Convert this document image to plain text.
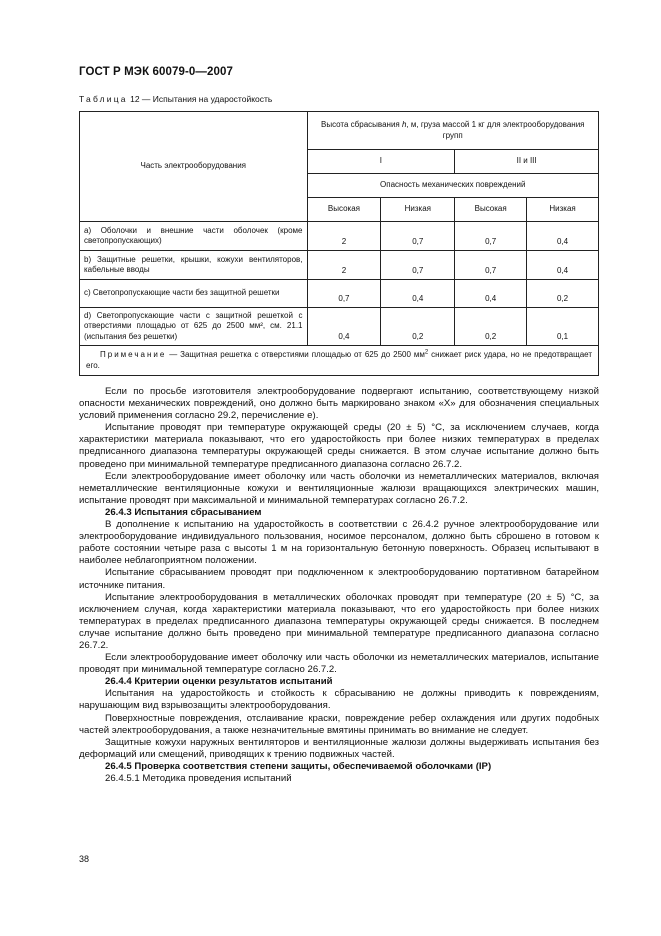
ГОСТ Р МЭК 60079-0—2007
Таблица 12 — Испытания на ударостойкость
Часть электрооборудования	Высота сбрасывания h, м, груза массой 1 кг для электрооборудования групп			
	I		II и III	
	Опасность механических повреждений			
	Высокая	Низкая	Высокая	Низкая
а) Оболочки и внешние части оболочек (кроме светопропускающих)	2	0,7	0,7	0,4
b) Защитные решетки, крышки, кожухи вентиляторов, кабельные вводы	2	0,7	0,7	0,4
c) Светопропускающие части без защитной решетки	0,7	0,4	0,4	0,2
d) Светопропускающие части с защитной решеткой с отверстиями площадью от 625 до 2500 мм², см. 21.1 (испытания без решетки)	0,4	0,2	0,2	0,1
Примечание — Защитная решетка с отверстиями площадью от 625 до 2500 $мм^2$ снижает риск удара, но не предотвращает его.				

Если по просьбе изготовителя электрооборудование подвергают испытанию, соответствующему низкой опасности механических повреждений, оно должно быть маркировано знаком «X» для обозначения специальных условий применения согласно 29.2, перечисление е).

Испытание проводят при температуре окружающей среды (20 ± 5) °C, за исключением случаев, когда характеристики материала показывают, что его ударостойкость при более низких температурах в пределах предписанного диапазона температуры окружающей среды снижается. В этом случае испытание должно быть проведено при минимальной температуре предписанного диапазона согласно 26.7.2.

Если электрооборудование имеет оболочку или часть оболочки из неметаллических материалов, включая неметаллические вентиляционные кожухи и вентиляционные жалюзи вращающихся электрических машин, испытание проводят при максимальной и минимальной температурах согласно 26.7.2.

26.4.3 Испытания сбрасыванием

В дополнение к испытанию на ударостойкость в соответствии с 26.4.2 ручное электрооборудование или электрооборудование индивидуального пользования, носимое персоналом, должно быть сброшено в готовом к работе состоянии четыре раза с высоты 1 м на горизонтальную бетонную поверхность. Образец испытывают в наиболее неблагоприятном положении.

Испытание сбрасыванием проводят при подключенном к электрооборудованию портативном батарейном источнике питания.

Испытание электрооборудования в металлических оболочках проводят при температуре (20 ± 5) °C, за исключением случая, когда характеристики материала показывают, что его ударостойкость при более низких температурах в пределах предписанного диапазона температуры окружающей среды снижается. В последнем случае испытание должно быть проведено при минимальной температуре предписанного диапазона согласно 26.7.2.

Если электрооборудование имеет оболочку или часть оболочки из неметаллических материалов, испытание проводят при минимальной температуре согласно 26.7.2.

26.4.4 Критерии оценки результатов испытаний

Испытания на ударостойкость и стойкость к сбрасыванию не должны приводить к повреждениям, нарушающим вид взрывозащиты электрооборудования.

Поверхностные повреждения, отслаивание краски, повреждение ребер охлаждения или других подобных частей электрооборудования, а также незначительные вмятины принимать во внимание не следует.

Защитные кожухи наружных вентиляторов и вентиляционные жалюзи должны выдерживать испытания без деформаций или смещений, приводящих к трению подвижных частей.

26.4.5 Проверка соответствия степени защиты, обеспечиваемой оболочками (IP)

26.4.5.1 Методика проведения испытаний

38
